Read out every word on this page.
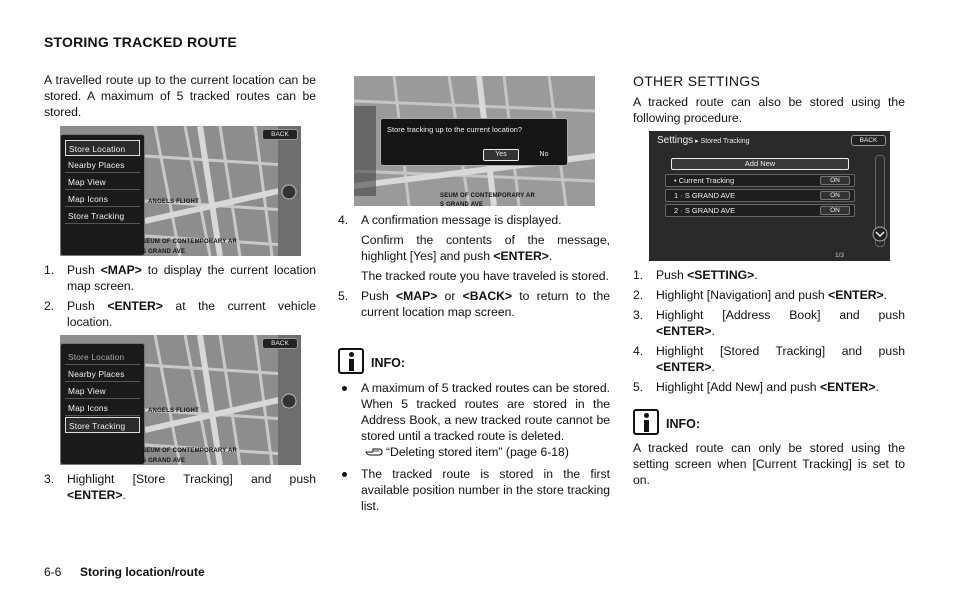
STORING TRACKED ROUTE
A travelled route up to the current location can be stored. A maximum of 5 tracked routes can be stored.
Store Location
Nearby Places
Map View
Map Icons
Store Tracking
BACK
ANGELS FLIGHT
SEUM OF CONTEMPORARY AR
S GRAND AVE
1. Push <MAP> to display the current location map screen.
2. Push <ENTER> at the current vehicle location.
Store Location
Nearby Places
Map View
Map Icons
Store Tracking
BACK
ANGELS FLIGHT
SEUM OF CONTEMPORARY AR
S GRAND AVE
3. Highlight [Store Tracking] and push <ENTER>.
Store tracking up to the current location?
Yes	No
SEUM OF CONTEMPORARY AR
S GRAND AVE
4. A confirmation message is displayed.
Confirm the contents of the message, highlight [Yes] and push <ENTER>.
The tracked route you have traveled is stored.
5. Push <MAP> or <BACK> to return to the current location map screen.
INFO:
A maximum of 5 tracked routes can be stored. When 5 tracked routes are stored in the Address Book, a new tracked route cannot be stored until a tracked route is deleted.
“Deleting stored item” (page 6-18)
The tracked route is stored in the first available position number in the store tracking list.
OTHER SETTINGS
A tracked route can also be stored using the following procedure.
Settings ▸ Stored Tracking	BACK
Add New
• Current Tracking	ON
1 · S GRAND AVE	ON
2 · S GRAND AVE	ON
1/3
1. Push <SETTING>.
2. Highlight [Navigation] and push <ENTER>.
3. Highlight [Address Book] and push <ENTER>.
4. Highlight [Stored Tracking] and push <ENTER>.
5. Highlight [Add New] and push <ENTER>.
INFO:
A tracked route can only be stored using the setting screen when [Current Tracking] is set to on.
6-6 Storing location/route
